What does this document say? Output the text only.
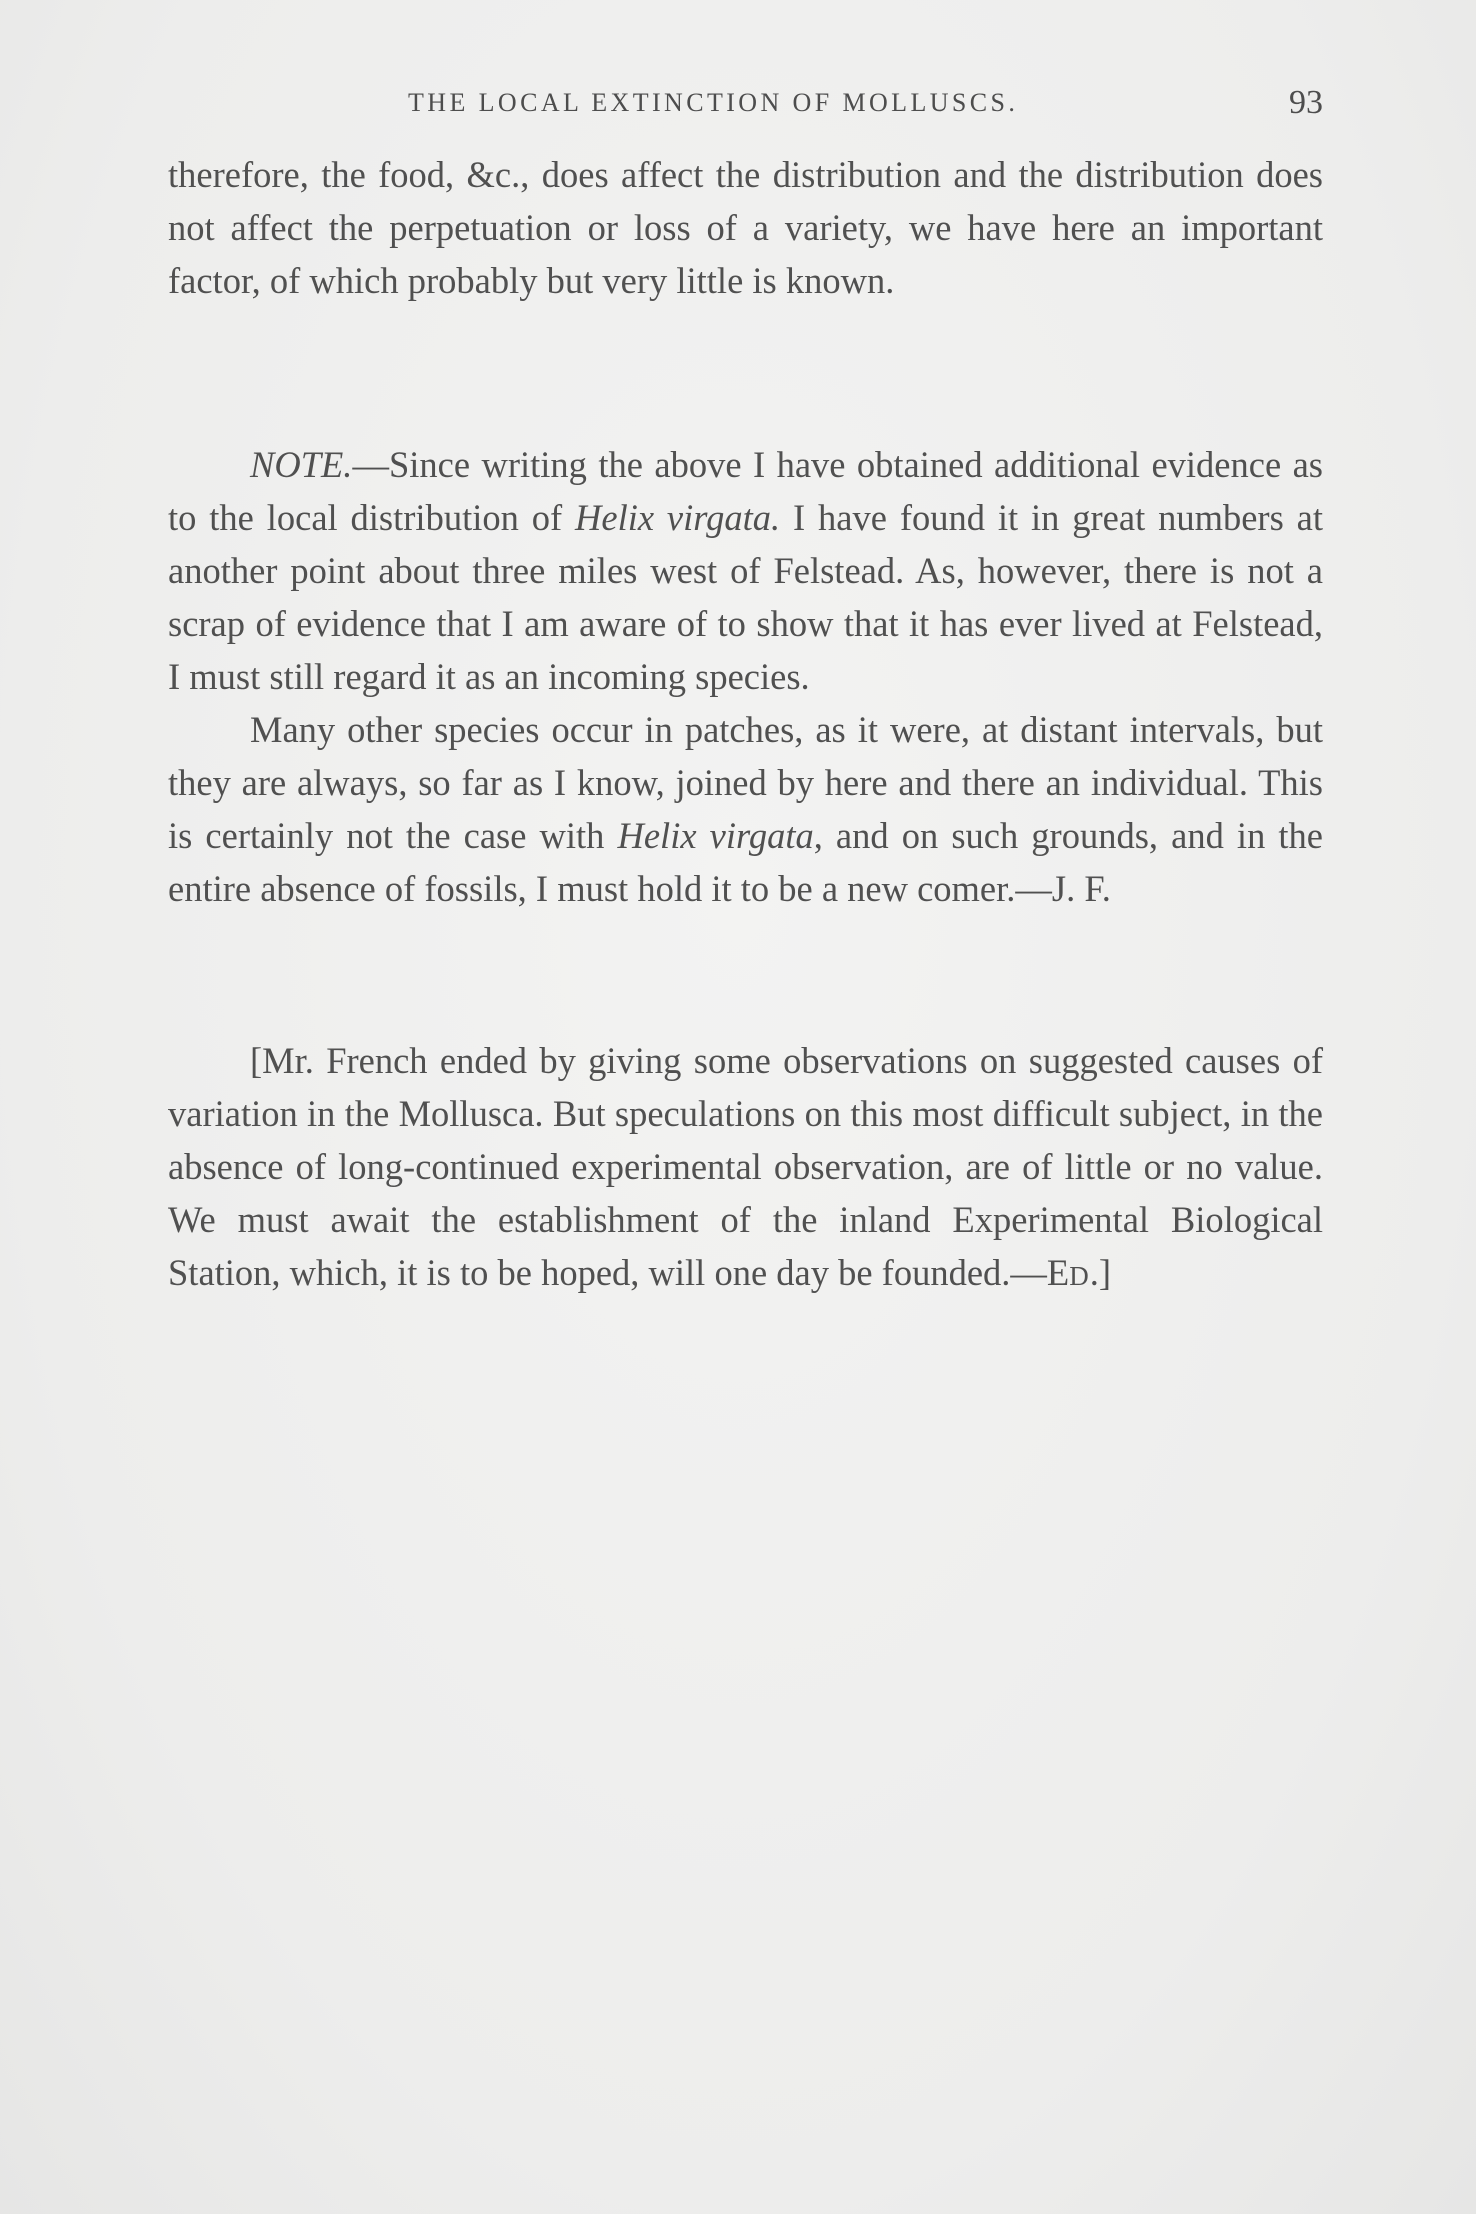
THE LOCAL EXTINCTION OF MOLLUSCS.	93

therefore, the food, &c., does affect the distribution and the distribution does not affect the perpetuation or loss of a variety, we have here an important factor, of which probably but very little is known.

NOTE.—Since writing the above I have obtained additional evidence as to the local distribution of Helix virgata. I have found it in great numbers at another point about three miles west of Felstead. As, however, there is not a scrap of evidence that I am aware of to show that it has ever lived at Felstead, I must still regard it as an incoming species.

Many other species occur in patches, as it were, at distant intervals, but they are always, so far as I know, joined by here and there an individual. This is certainly not the case with Helix virgata, and on such grounds, and in the entire absence of fossils, I must hold it to be a new comer.—J. F.

[Mr. French ended by giving some observations on suggested causes of variation in the Mollusca. But speculations on this most difficult subject, in the absence of long-continued experimental observation, are of little or no value. We must await the establishment of the inland Experimental Biological Station, which, it is to be hoped, will one day be founded.—ED.]
